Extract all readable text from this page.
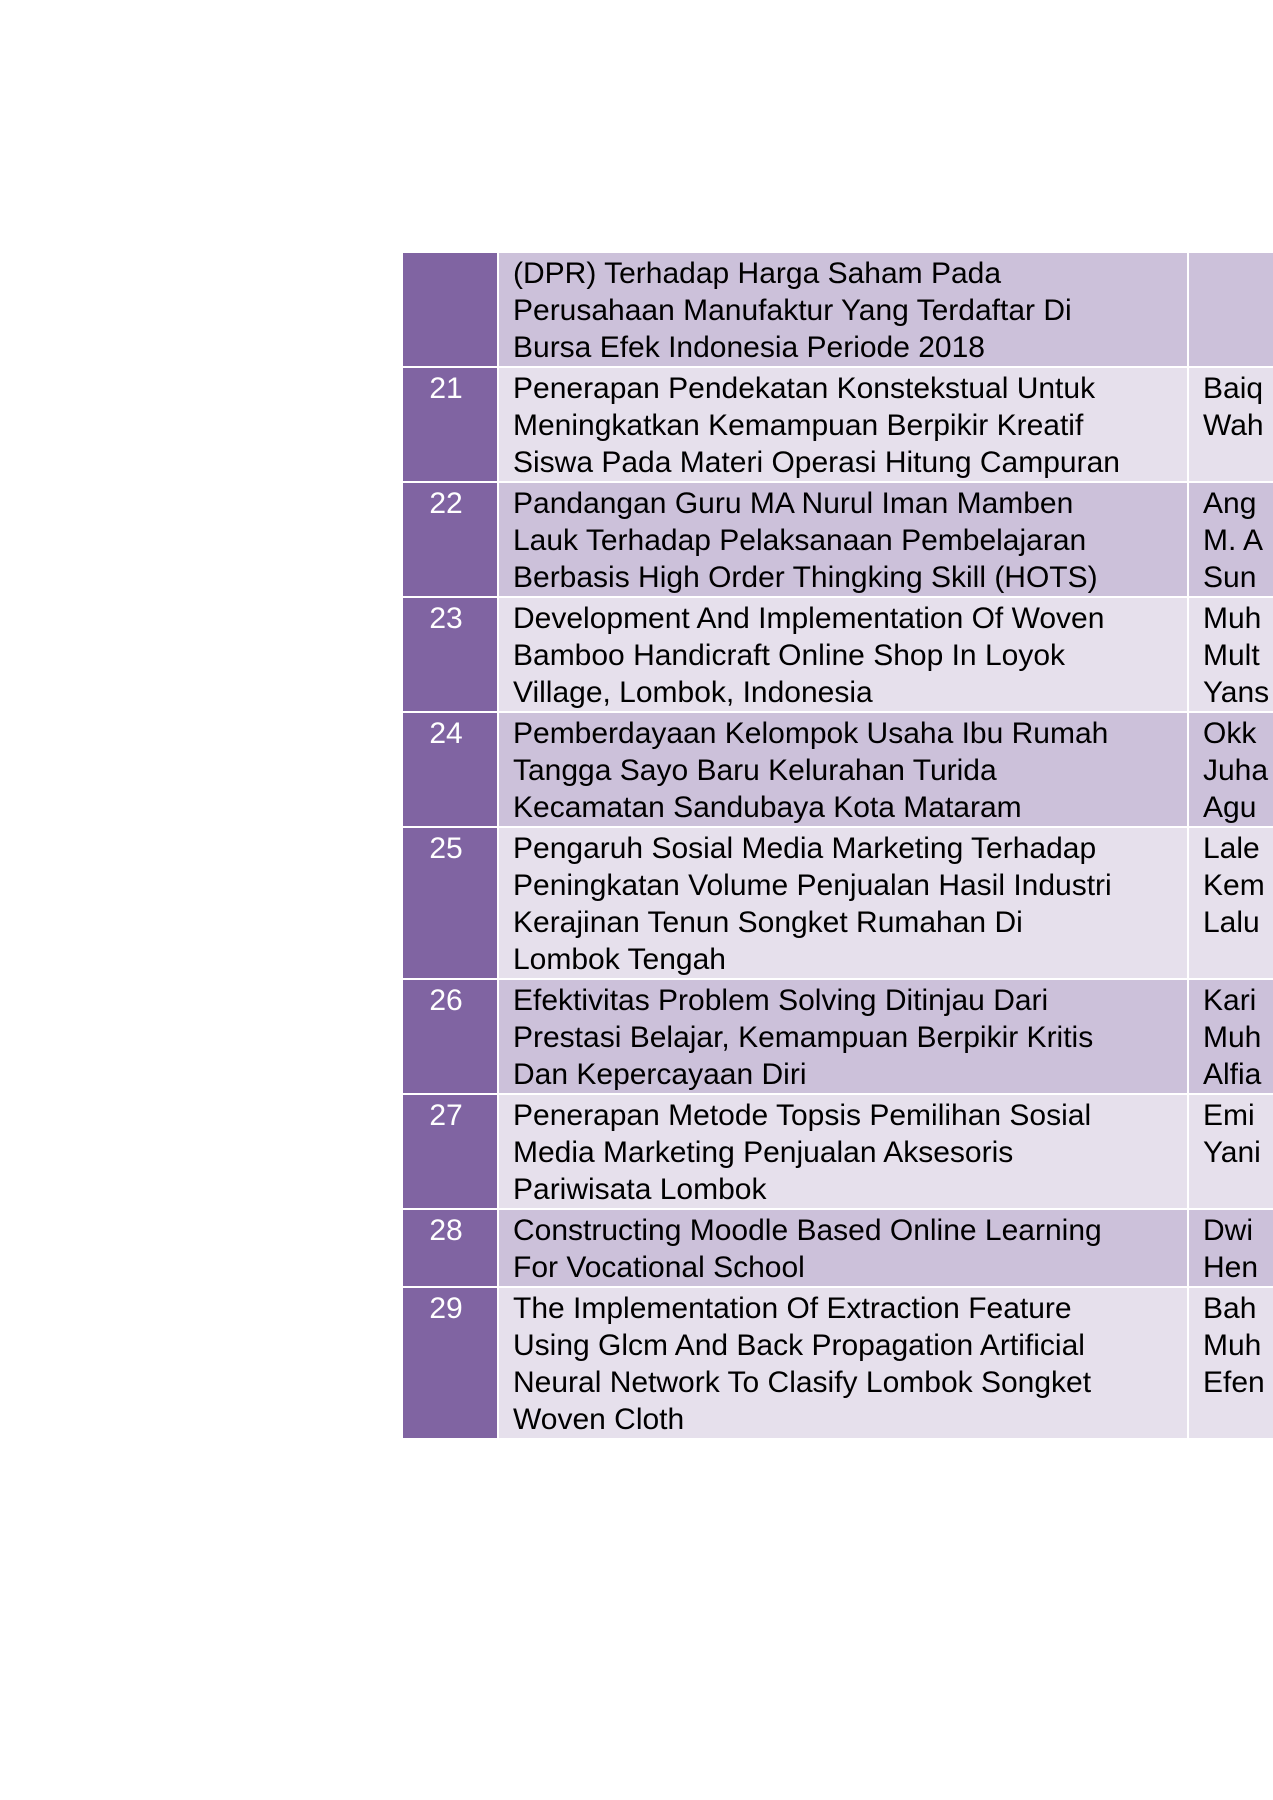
	(DPR) Terhadap Harga Saham Pada
Perusahaan Manufaktur Yang Terdaftar Di
Bursa Efek Indonesia Periode 2018	

21	Penerapan Pendekatan Konstekstual Untuk
Meningkatkan Kemampuan Berpikir Kreatif
Siswa Pada Materi Operasi Hitung Campuran	Baiq
Wah

22	Pandangan Guru MA Nurul Iman Mamben
Lauk Terhadap Pelaksanaan Pembelajaran
Berbasis High Order Thingking Skill (HOTS)	Ang
M. A
Sun

23	Development And Implementation Of Woven
Bamboo Handicraft Online Shop In Loyok
Village, Lombok, Indonesia	Muh
Mult
Yans

24	Pemberdayaan Kelompok Usaha Ibu Rumah
Tangga Sayo Baru Kelurahan Turida
Kecamatan Sandubaya Kota Mataram	Okk
Juha
Agu

25	Pengaruh Sosial Media Marketing Terhadap
Peningkatan Volume Penjualan Hasil Industri
Kerajinan Tenun Songket Rumahan Di
Lombok Tengah	Lale
Kem
Lalu

26	Efektivitas Problem Solving Ditinjau Dari
Prestasi Belajar, Kemampuan Berpikir Kritis
Dan Kepercayaan Diri	Kari
Muh
Alfia

27	Penerapan Metode Topsis Pemilihan Sosial
Media Marketing Penjualan Aksesoris
Pariwisata Lombok	Emi
Yani

28	Constructing Moodle Based Online Learning
For Vocational School	Dwi
Hen

29	The Implementation Of Extraction Feature
Using Glcm And Back Propagation Artificial
Neural Network To Clasify Lombok Songket
Woven Cloth	Bah
Muh
Efen
